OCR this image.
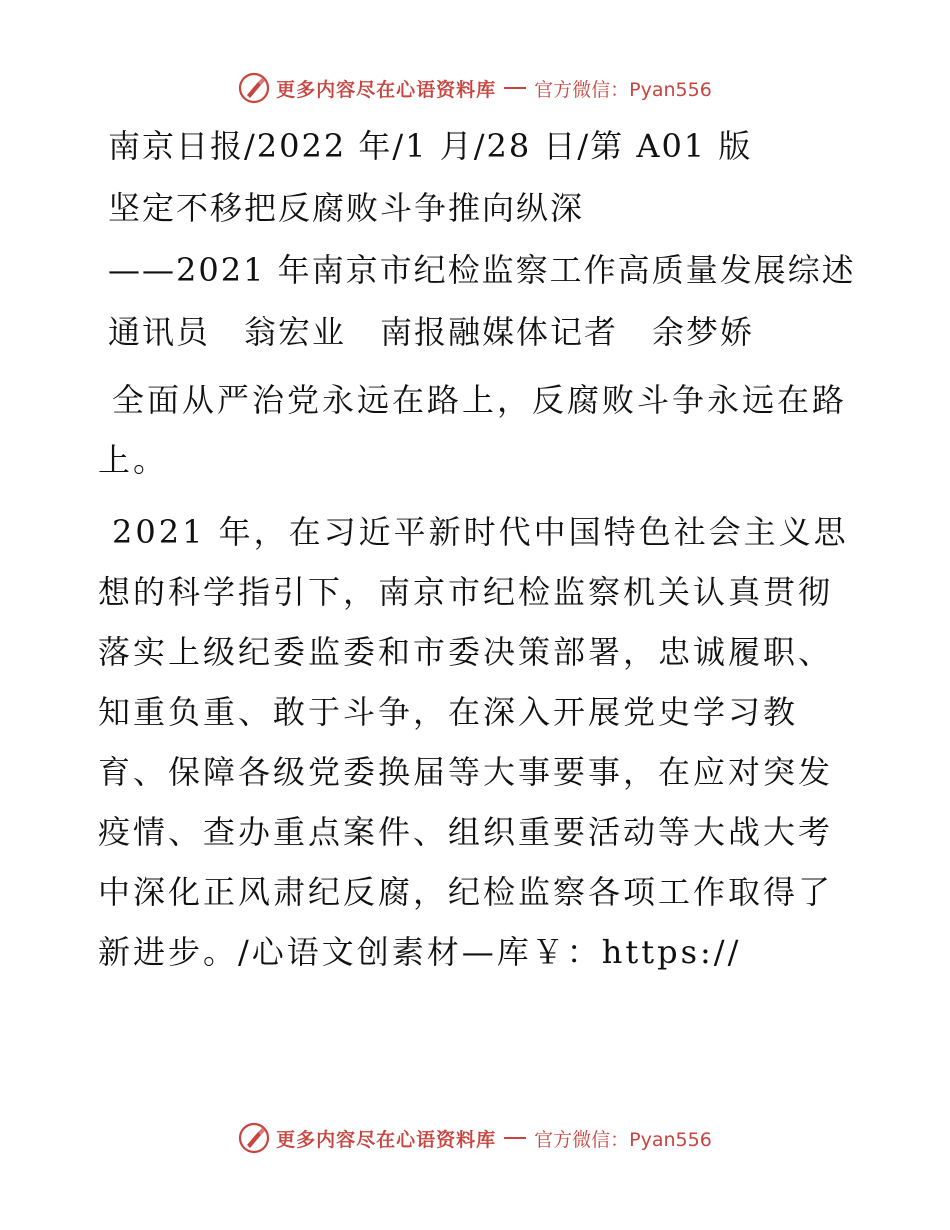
更多内容尽在心语资料库 官方微信：Pyan556

南京日报/2022 年/1 月/28 日/第 A01 版

坚定不移把反腐败斗争推向纵深

——2021 年南京市纪检监察工作高质量发展综述

通讯员　翁宏业　南报融媒体记者　余梦娇

全面从严治党永远在路上，反腐败斗争永远在路上。

2021 年，在习近平新时代中国特色社会主义思想的科学指引下，南京市纪检监察机关认真贯彻落实上级纪委监委和市委决策部署，忠诚履职、知重负重、敢于斗争，在深入开展党史学习教育、保障各级党委换届等大事要事，在应对突发疫情、查办重点案件、组织重要活动等大战大考中深化正风肃纪反腐，纪检监察各项工作取得了新进步。/心语文创素材—库￥：https://

更多内容尽在心语资料库 官方微信：Pyan556
